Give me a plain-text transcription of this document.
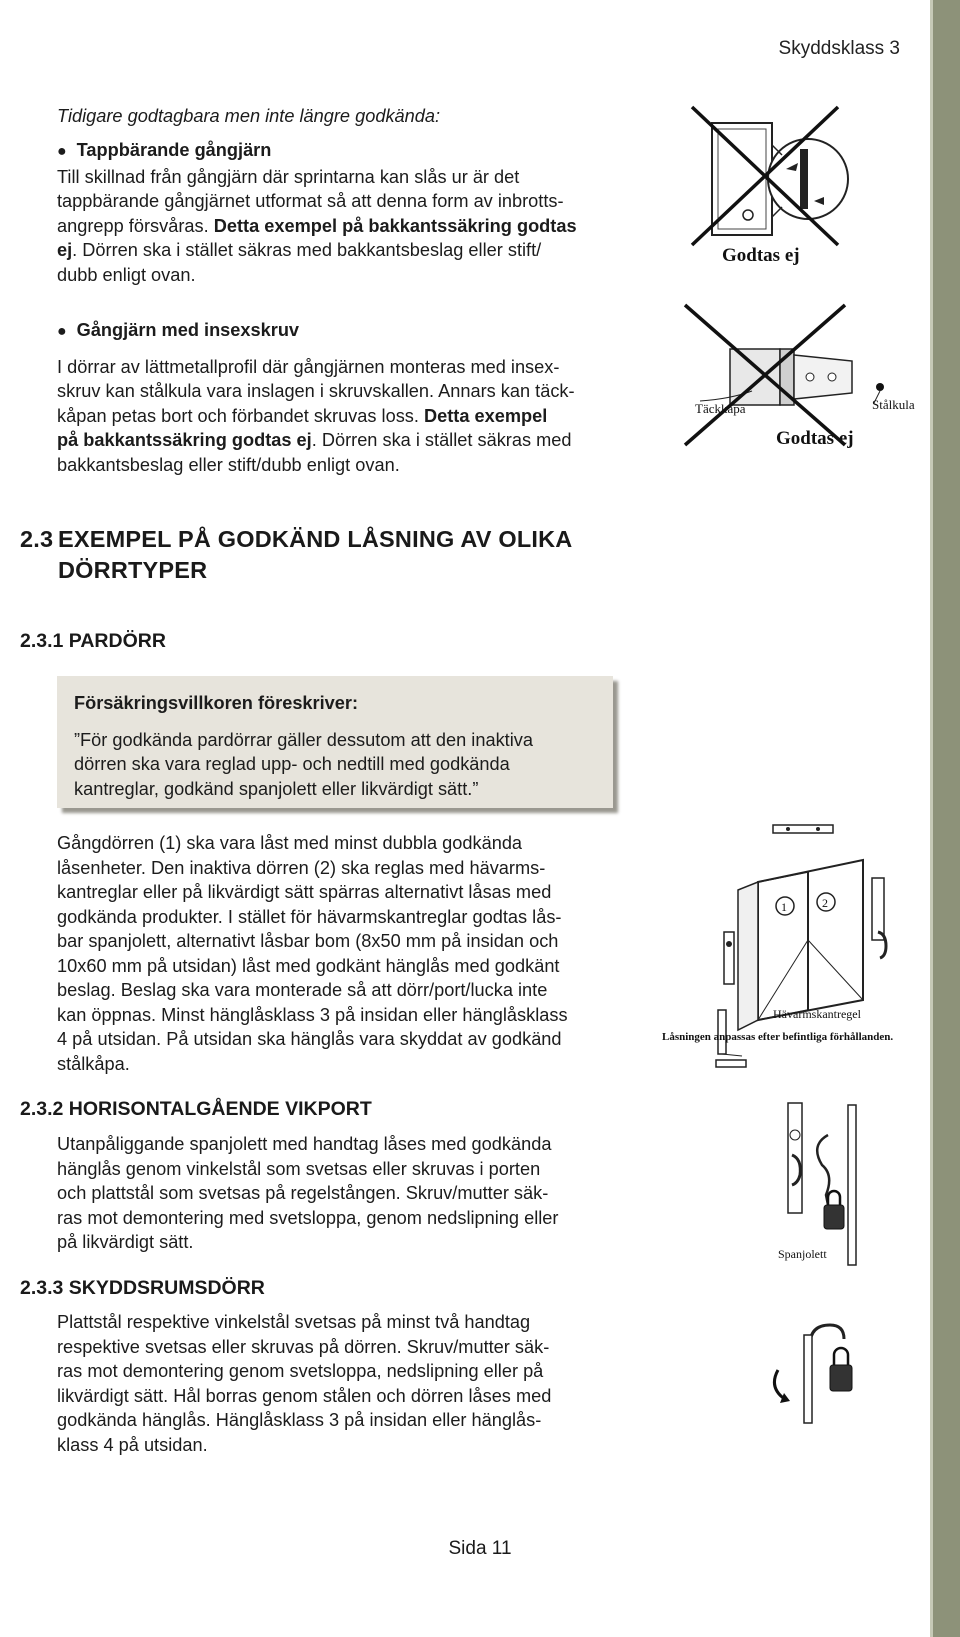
Skyddsklass 3
Tidigare godtagbara men inte längre godkända:
● Tappbärande gångjärn

Till skillnad från gångjärn där sprintarna kan slås ur är det

tappbärande gångjärnet utformat så att denna form av inbrotts-

angrepp försvåras. Detta exempel på bakkantssäkring godtas

ej. Dörren ska i stället säkras med bakkantsbeslag eller stift/

dubb enligt ovan.

Godtas ej
● Gångjärn med insexskruv

I dörrar av lättmetallprofil där gångjärnen monteras med insex-

skruv kan stålkula vara inslagen i skruvskallen. Annars kan täck-

kåpan petas bort och förbandet skruvas loss. Detta exempel

på bakkantssäkring godtas ej. Dörren ska i stället säkras med

bakkantsbeslag eller stift/dubb enligt ovan.

Täckkåpa	Stålkula
Godtas ej
2.3 EXEMPEL PÅ GODKÄND LÅSNING AV OLIKA
DÖRRTYPER
2.3.1 PARDÖRR

Försäkringsvillkoren föreskriver:

”För godkända pardörrar gäller dessutom att den inaktiva

dörren ska vara reglad upp- och nedtill med godkända

kantreglar, godkänd spanjolett eller likvärdigt sätt.”

Gångdörren (1) ska vara låst med minst dubbla godkända

låsenheter. Den inaktiva dörren (2) ska reglas med hävarms-

kantreglar eller på likvärdigt sätt spärras alternativt låsas med

godkända produkter. I stället för hävarmskantreglar godtas lås-

bar spanjolett, alternativt låsbar bom (8x50 mm på insidan och

10x60 mm på utsidan) låst med godkänt hänglås med godkänt

beslag. Beslag ska vara monterade så att dörr/port/lucka inte

kan öppnas. Minst hänglåsklass 3 på insidan eller hänglåsklass

4 på utsidan. På utsidan ska hänglås vara skyddat av godkänd

stålkåpa.

1	2
Hävarmskantregel
Låsningen anpassas efter befintliga förhållanden.
2.3.2 HORISONTALGÅENDE VIKPORT

Utanpåliggande spanjolett med handtag låses med godkända

hänglås genom vinkelstål som svetsas eller skruvas i porten

och plattstål som svetsas på regelstången. Skruv/mutter säk-

ras mot demontering med svetsloppa, genom nedslipning eller

på likvärdigt sätt.

Spanjolett
2.3.3 SKYDDSRUMSDÖRR

Plattstål respektive vinkelstål svetsas på minst två handtag

respektive svetsas eller skruvas på dörren. Skruv/mutter säk-

ras mot demontering genom svetsloppa, nedslipning eller på

likvärdigt sätt. Hål borras genom stålen och dörren låses med

godkända hänglås. Hänglåsklass 3 på insidan eller hänglås-

klass 4 på utsidan.

Sida 11
